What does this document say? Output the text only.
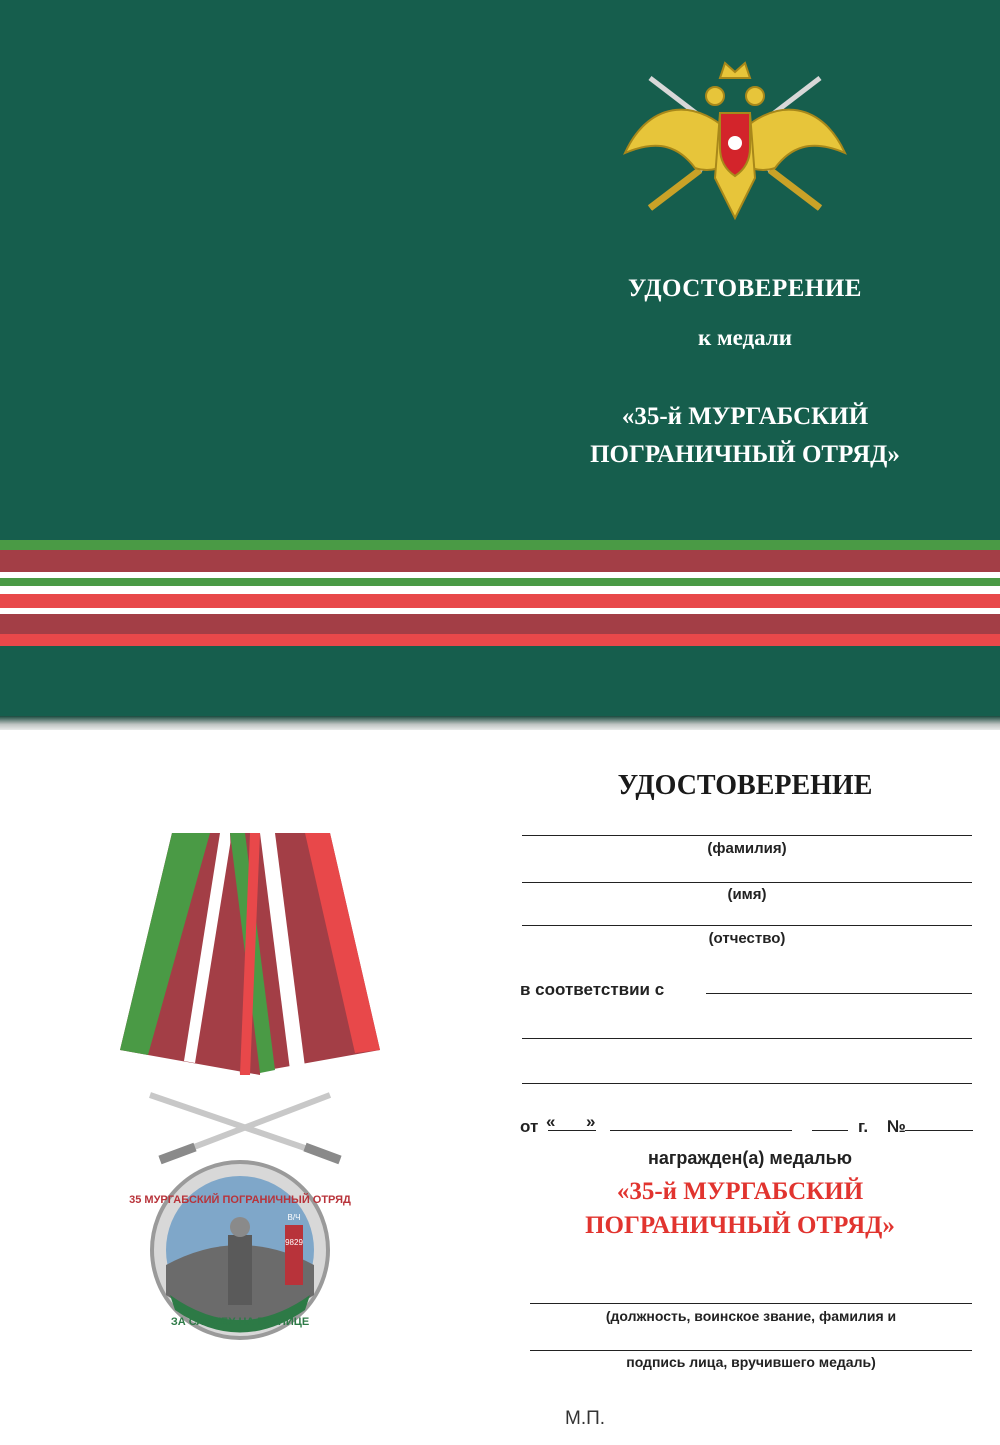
УДОСТОВЕРЕНИЕ
к медали
«35-й МУРГАБСКИЙ
ПОГРАНИЧНЫЙ ОТРЯД»
35 МУРГАБСКИЙ ПОГРАНИЧНЫЙ ОТРЯД
ЗА СЛУЖБУ НА ГРАНИЦЕ
В/Ч
9829
УДОСТОВЕРЕНИЕ
(фамилия)
(имя)
(отчество)
в соответствии с
от « »	г. №
награжден(а) медалью
«35-й МУРГАБСКИЙ
ПОГРАНИЧНЫЙ ОТРЯД»
(должность, воинское звание, фамилия и
подпись лица, вручившего медаль)
М.П.
